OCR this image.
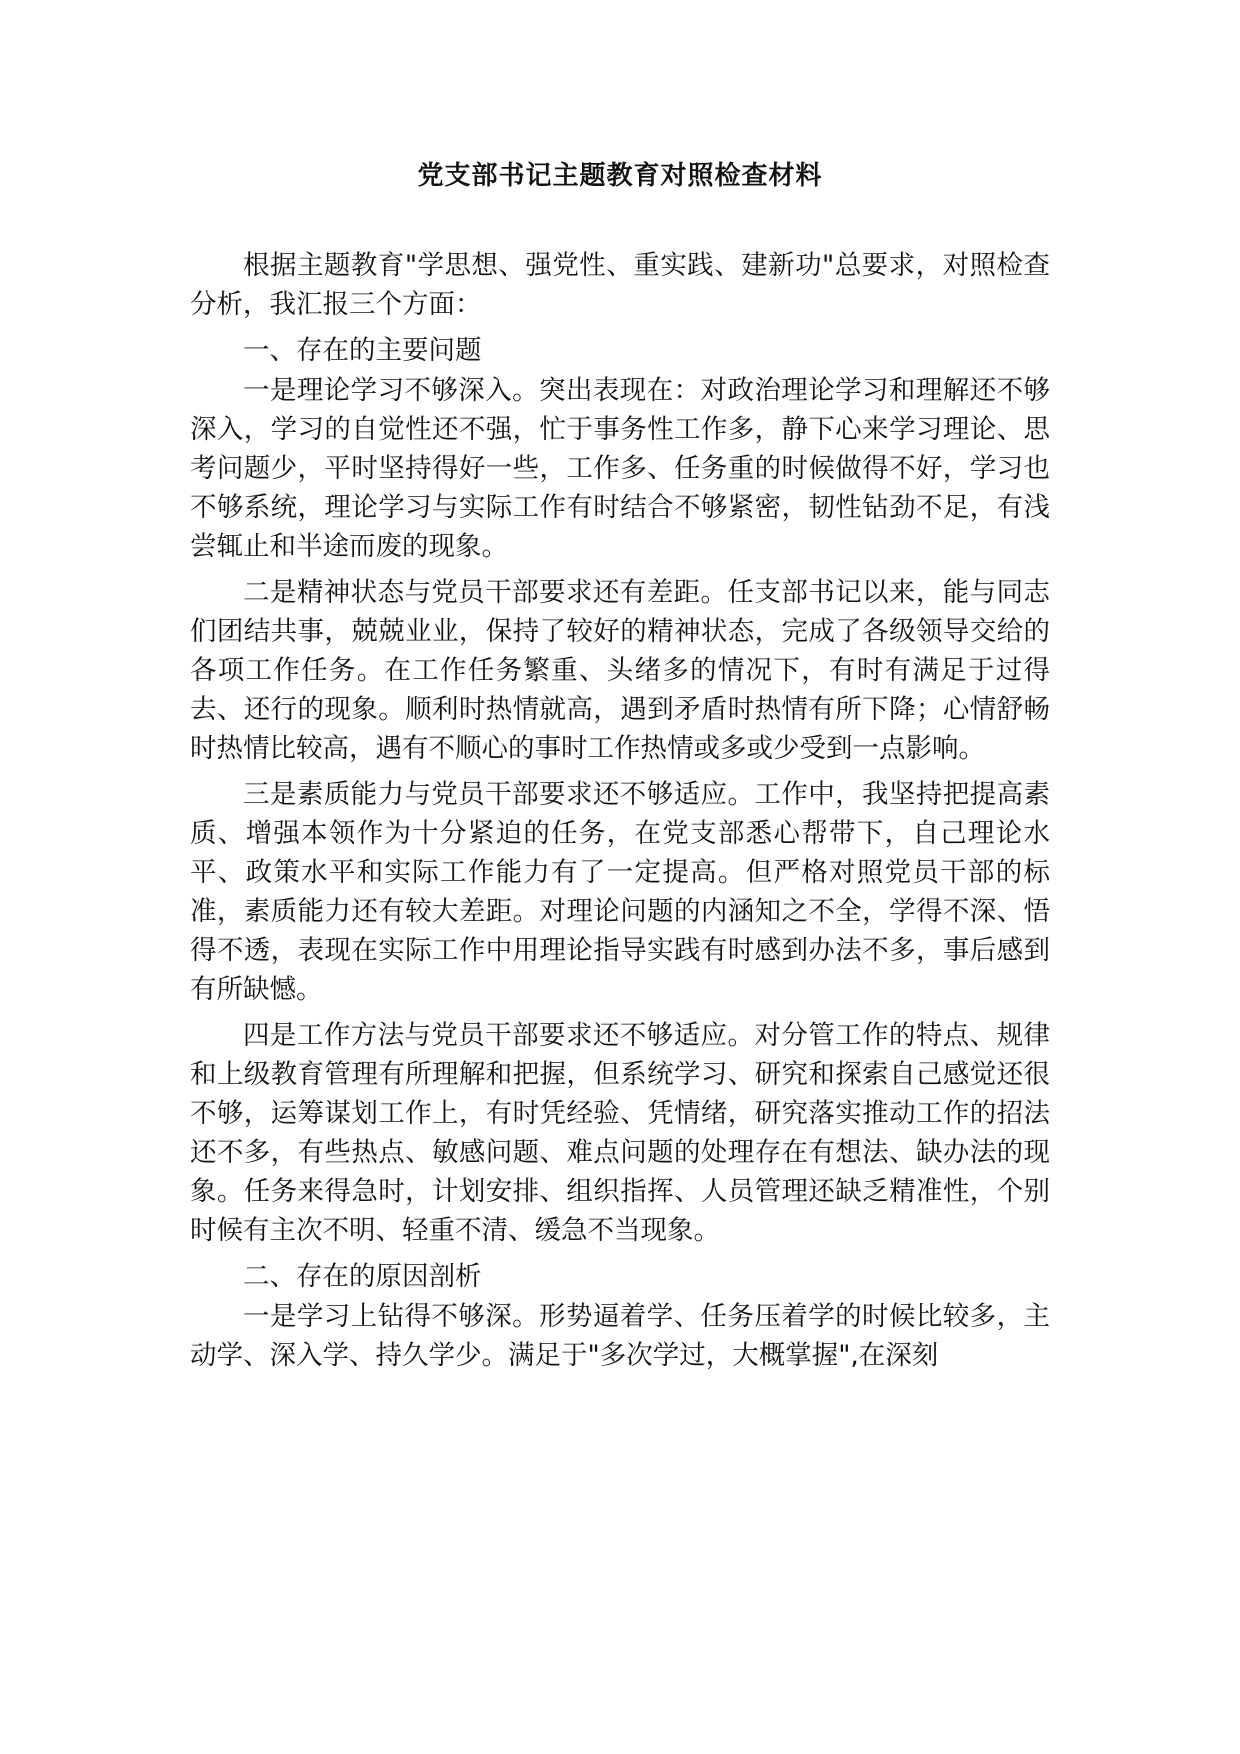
党支部书记主题教育对照检查材料

根据主题教育"学思想、强党性、重实践、建新功"总要求，对照检查分析，我汇报三个方面：

一、存在的主要问题

一是理论学习不够深入。突出表现在：对政治理论学习和理解还不够深入，学习的自觉性还不强，忙于事务性工作多，静下心来学习理论、思考问题少，平时坚持得好一些，工作多、任务重的时候做得不好，学习也不够系统，理论学习与实际工作有时结合不够紧密，韧性钻劲不足，有浅尝辄止和半途而废的现象。

二是精神状态与党员干部要求还有差距。任支部书记以来，能与同志们团结共事，兢兢业业，保持了较好的精神状态，完成了各级领导交给的各项工作任务。在工作任务繁重、头绪多的情况下，有时有满足于过得去、还行的现象。顺利时热情就高，遇到矛盾时热情有所下降；心情舒畅时热情比较高，遇有不顺心的事时工作热情或多或少受到一点影响。

三是素质能力与党员干部要求还不够适应。工作中，我坚持把提高素质、增强本领作为十分紧迫的任务，在党支部悉心帮带下，自己理论水平、政策水平和实际工作能力有了一定提高。但严格对照党员干部的标准，素质能力还有较大差距。对理论问题的内涵知之不全，学得不深、悟得不透，表现在实际工作中用理论指导实践有时感到办法不多，事后感到有所缺憾。

四是工作方法与党员干部要求还不够适应。对分管工作的特点、规律和上级教育管理有所理解和把握，但系统学习、研究和探索自己感觉还很不够，运筹谋划工作上，有时凭经验、凭情绪，研究落实推动工作的招法还不多，有些热点、敏感问题、难点问题的处理存在有想法、缺办法的现象。任务来得急时，计划安排、组织指挥、人员管理还缺乏精准性，个别时候有主次不明、轻重不清、缓急不当现象。

二、存在的原因剖析

一是学习上钻得不够深。形势逼着学、任务压着学的时候比较多，主动学、深入学、持久学少。满足于"多次学过，大概掌握",在深刻
